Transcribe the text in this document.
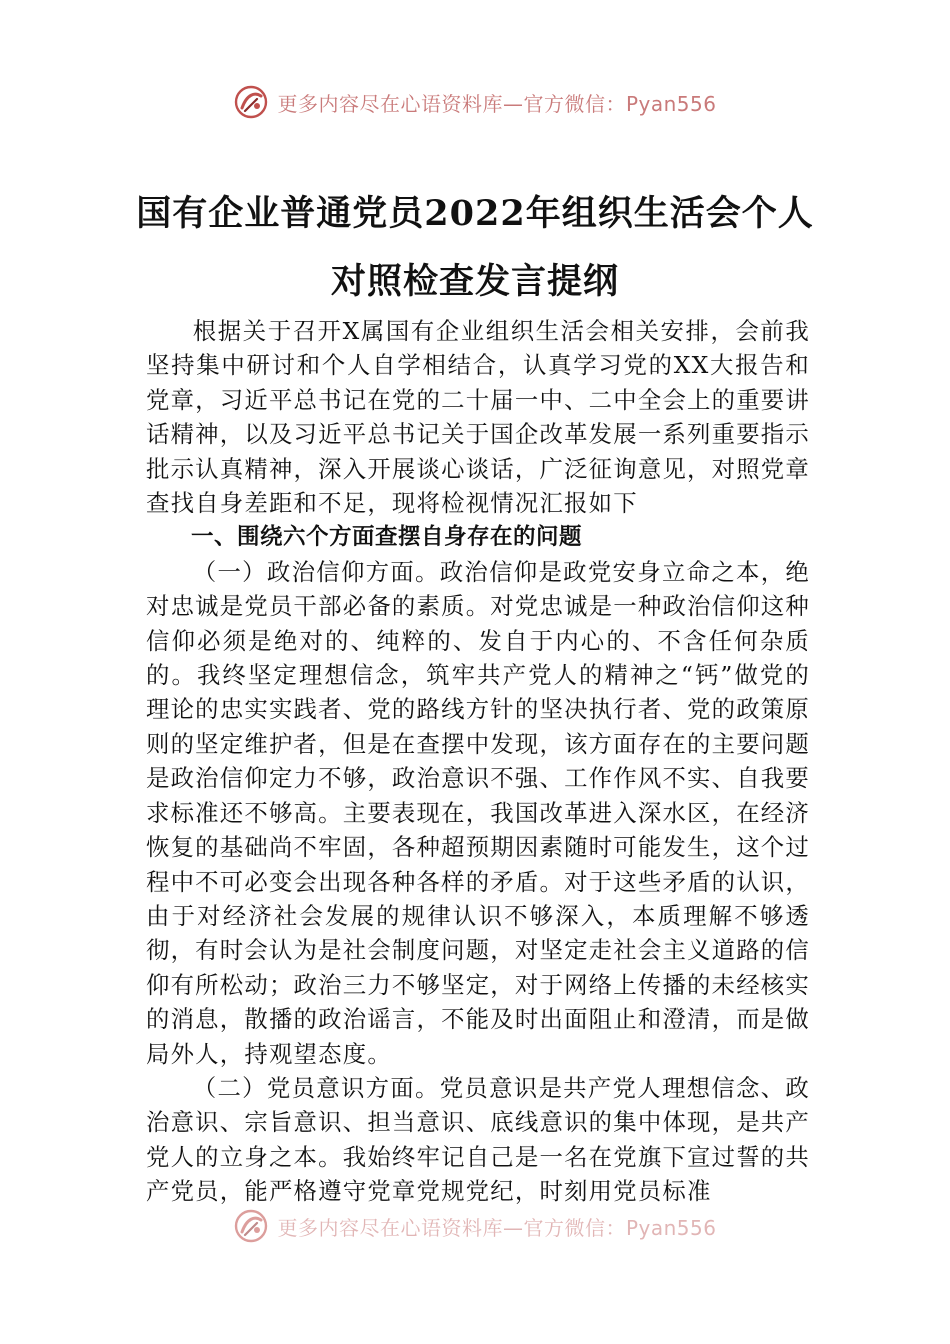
更多内容尽在心语资料库—官方微信：Pyan556
国有企业普通党员2022年组织生活会个人
对照检查发言提纲

根据关于召开X属国有企业组织生活会相关安排，会前我坚持集中研讨和个人自学相结合，认真学习党的XX大报告和党章，习近平总书记在党的二十届一中、二中全会上的重要讲话精神，以及习近平总书记关于国企改革发展一系列重要指示批示认真精神，深入开展谈心谈话，广泛征询意见，对照党章查找自身差距和不足，现将检视情况汇报如下

一、围绕六个方面查摆自身存在的问题

（一）政治信仰方面。政治信仰是政党安身立命之本，绝对忠诚是党员干部必备的素质。对党忠诚是一种政治信仰这种信仰必须是绝对的、纯粹的、发自于内心的、不含任何杂质的。我终坚定理想信念，筑牢共产党人的精神之“钙”做党的理论的忠实实践者、党的路线方针的坚决执行者、党的政策原则的坚定维护者，但是在查摆中发现，该方面存在的主要问题是政治信仰定力不够，政治意识不强、工作作风不实、自我要求标准还不够高。主要表现在，我国改革进入深水区，在经济恢复的基础尚不牢固，各种超预期因素随时可能发生，这个过程中不可必变会出现各种各样的矛盾。对于这些矛盾的认识，由于对经济社会发展的规律认识不够深入，本质理解不够透彻，有时会认为是社会制度问题，对坚定走社会主义道路的信仰有所松动；政治三力不够坚定，对于网络上传播的未经核实的消息，散播的政治谣言，不能及时出面阻止和澄清，而是做局外人，持观望态度。

（二）党员意识方面。党员意识是共产党人理想信念、政治意识、宗旨意识、担当意识、底线意识的集中体现，是共产党人的立身之本。我始终牢记自己是一名在党旗下宣过誓的共产党员，能严格遵守党章党规党纪，时刻用党员标准

更多内容尽在心语资料库—官方微信：Pyan556
